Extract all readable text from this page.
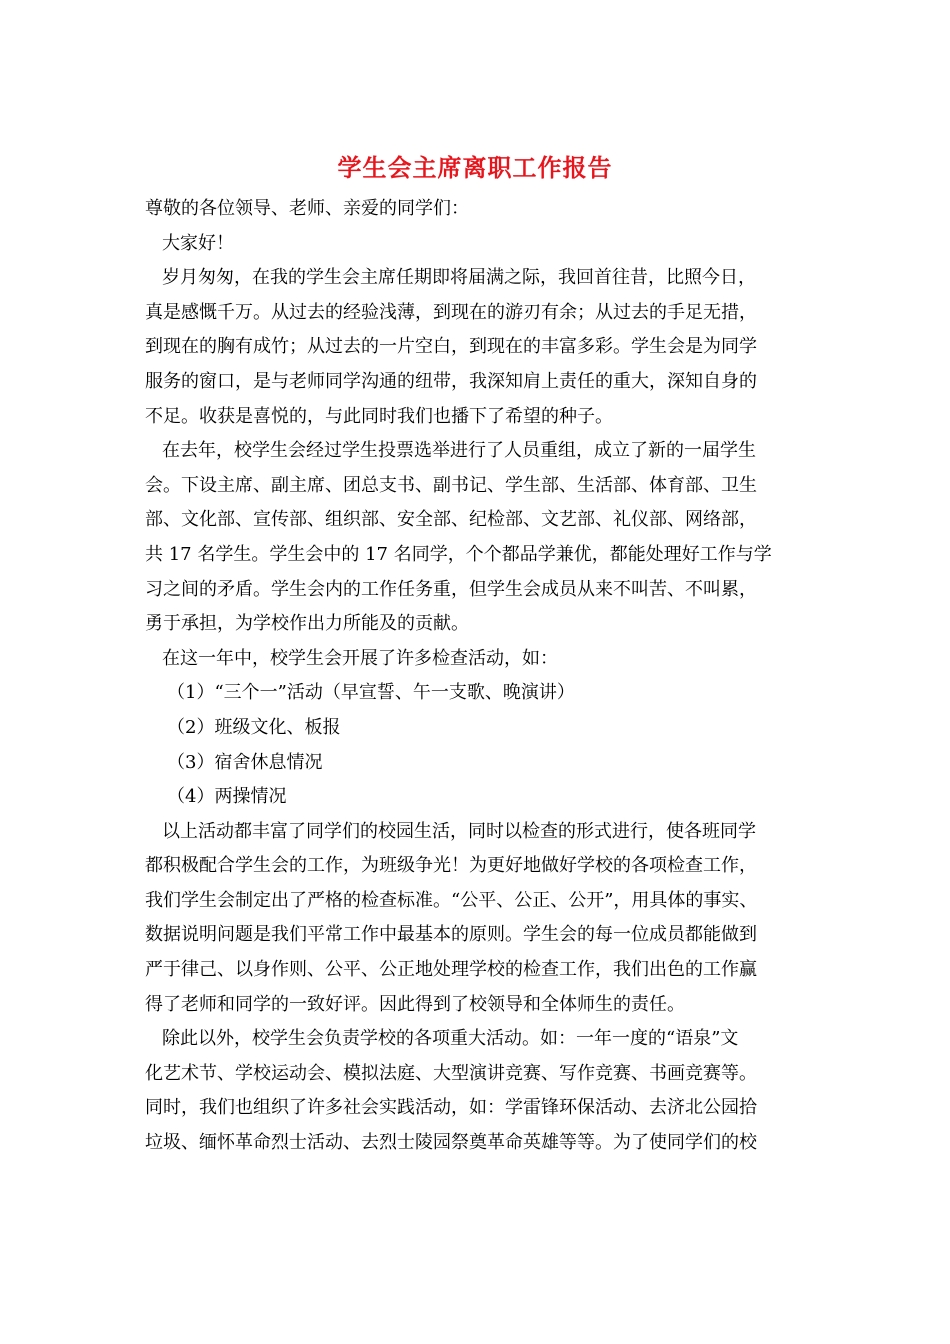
学生会主席离职工作报告
尊敬的各位领导、老师、亲爱的同学们：
大家好！
岁月匆匆，在我的学生会主席任期即将届满之际，我回首往昔，比照今日，
真是感慨千万。从过去的经验浅薄，到现在的游刃有余；从过去的手足无措，
到现在的胸有成竹；从过去的一片空白，到现在的丰富多彩。学生会是为同学
服务的窗口，是与老师同学沟通的纽带，我深知肩上责任的重大，深知自身的
不足。收获是喜悦的，与此同时我们也播下了希望的种子。
在去年，校学生会经过学生投票选举进行了人员重组，成立了新的一届学生
会。下设主席、副主席、团总支书、副书记、学生部、生活部、体育部、卫生
部、文化部、宣传部、组织部、安全部、纪检部、文艺部、礼仪部、网络部，
共 17 名学生。学生会中的 17 名同学，个个都品学兼优，都能处理好工作与学
习之间的矛盾。学生会内的工作任务重，但学生会成员从来不叫苦、不叫累，
勇于承担，为学校作出力所能及的贡献。
在这一年中，校学生会开展了许多检查活动，如：
（1）“三个一”活动（早宣誓、午一支歌、晚演讲）
（2）班级文化、板报
（3）宿舍休息情况
（4）两操情况
以上活动都丰富了同学们的校园生活，同时以检查的形式进行，使各班同学
都积极配合学生会的工作，为班级争光！为更好地做好学校的各项检查工作，
我们学生会制定出了严格的检查标准。“公平、公正、公开”，用具体的事实、
数据说明问题是我们平常工作中最基本的原则。学生会的每一位成员都能做到
严于律己、以身作则、公平、公正地处理学校的检查工作，我们出色的工作赢
得了老师和同学的一致好评。因此得到了校领导和全体师生的责任。
除此以外，校学生会负责学校的各项重大活动。如：一年一度的“语泉”文
化艺术节、学校运动会、模拟法庭、大型演讲竞赛、写作竞赛、书画竞赛等。
同时，我们也组织了许多社会实践活动，如：学雷锋环保活动、去济北公园拾
垃圾、缅怀革命烈士活动、去烈士陵园祭奠革命英雄等等。为了使同学们的校
